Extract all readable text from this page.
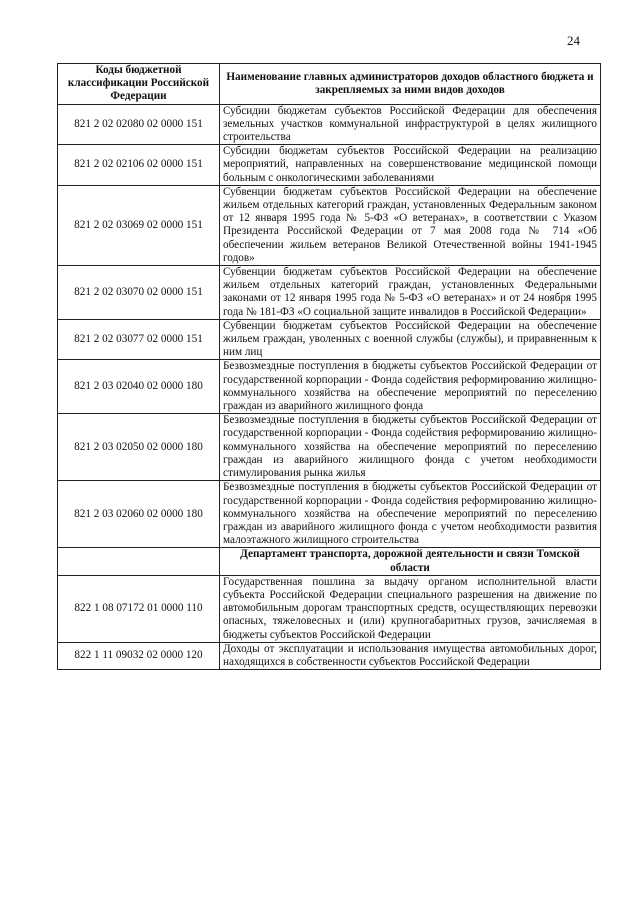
24
Коды бюджетной классификации Российской Федерации	Наименование главных администраторов доходов областного бюджета и закрепляемых за ними видов доходов
821 2 02 02080 02 0000 151	Субсидии бюджетам субъектов Российской Федерации для обеспечения земельных участков коммунальной инфраструктурой в целях жилищного строительства
821 2 02 02106 02 0000 151	Субсидии бюджетам субъектов Российской Федерации на реализацию мероприятий, направленных на совершенствование медицинской помощи больным с онкологическими заболеваниями
821 2 02 03069 02 0000 151	Субвенции бюджетам субъектов Российской Федерации на обеспечение жильем отдельных категорий граждан, установленных Федеральным законом от 12 января 1995 года № 5-ФЗ «О ветеранах», в соответствии с Указом Президента Российской Федерации от 7 мая 2008 года № 714 «Об обеспечении жильем ветеранов Великой Отечественной войны 1941-1945 годов»
821 2 02 03070 02 0000 151	Субвенции бюджетам субъектов Российской Федерации на обеспечение жильем отдельных категорий граждан, установленных Федеральными законами от 12 января 1995 года № 5-ФЗ «О ветеранах» и от 24 ноября 1995 года № 181-ФЗ «О социальной защите инвалидов в Российской Федерации»
821 2 02 03077 02 0000 151	Субвенции бюджетам субъектов Российской Федерации на обеспечение жильем граждан, уволенных с военной службы (службы), и приравненным к ним лиц
821 2 03 02040 02 0000 180	Безвозмездные поступления в бюджеты субъектов Российской Федерации от государственной корпорации - Фонда содействия реформированию жилищно-коммунального хозяйства на обеспечение мероприятий по переселению граждан из аварийного жилищного фонда
821 2 03 02050 02 0000 180	Безвозмездные поступления в бюджеты субъектов Российской Федерации от государственной корпорации - Фонда содействия реформированию жилищно-коммунального хозяйства на обеспечение мероприятий по переселению граждан из аварийного жилищного фонда с учетом необходимости стимулирования рынка жилья
821 2 03 02060 02 0000 180	Безвозмездные поступления в бюджеты субъектов Российской Федерации от государственной корпорации - Фонда содействия реформированию жилищно-коммунального хозяйства на обеспечение мероприятий по переселению граждан из аварийного жилищного фонда с учетом необходимости развития малоэтажного жилищного строительства
	Департамент транспорта, дорожной деятельности и связи Томской области
822 1 08 07172 01 0000 110	Государственная пошлина за выдачу органом исполнительной власти субъекта Российской Федерации специального разрешения на движение по автомобильным дорогам транспортных средств, осуществляющих перевозки опасных, тяжеловесных и (или) крупногабаритных грузов, зачисляемая в бюджеты субъектов Российской Федерации
822 1 11 09032 02 0000 120	Доходы от эксплуатации и использования имущества автомобильных дорог, находящихся в собственности субъектов Российской Федерации
